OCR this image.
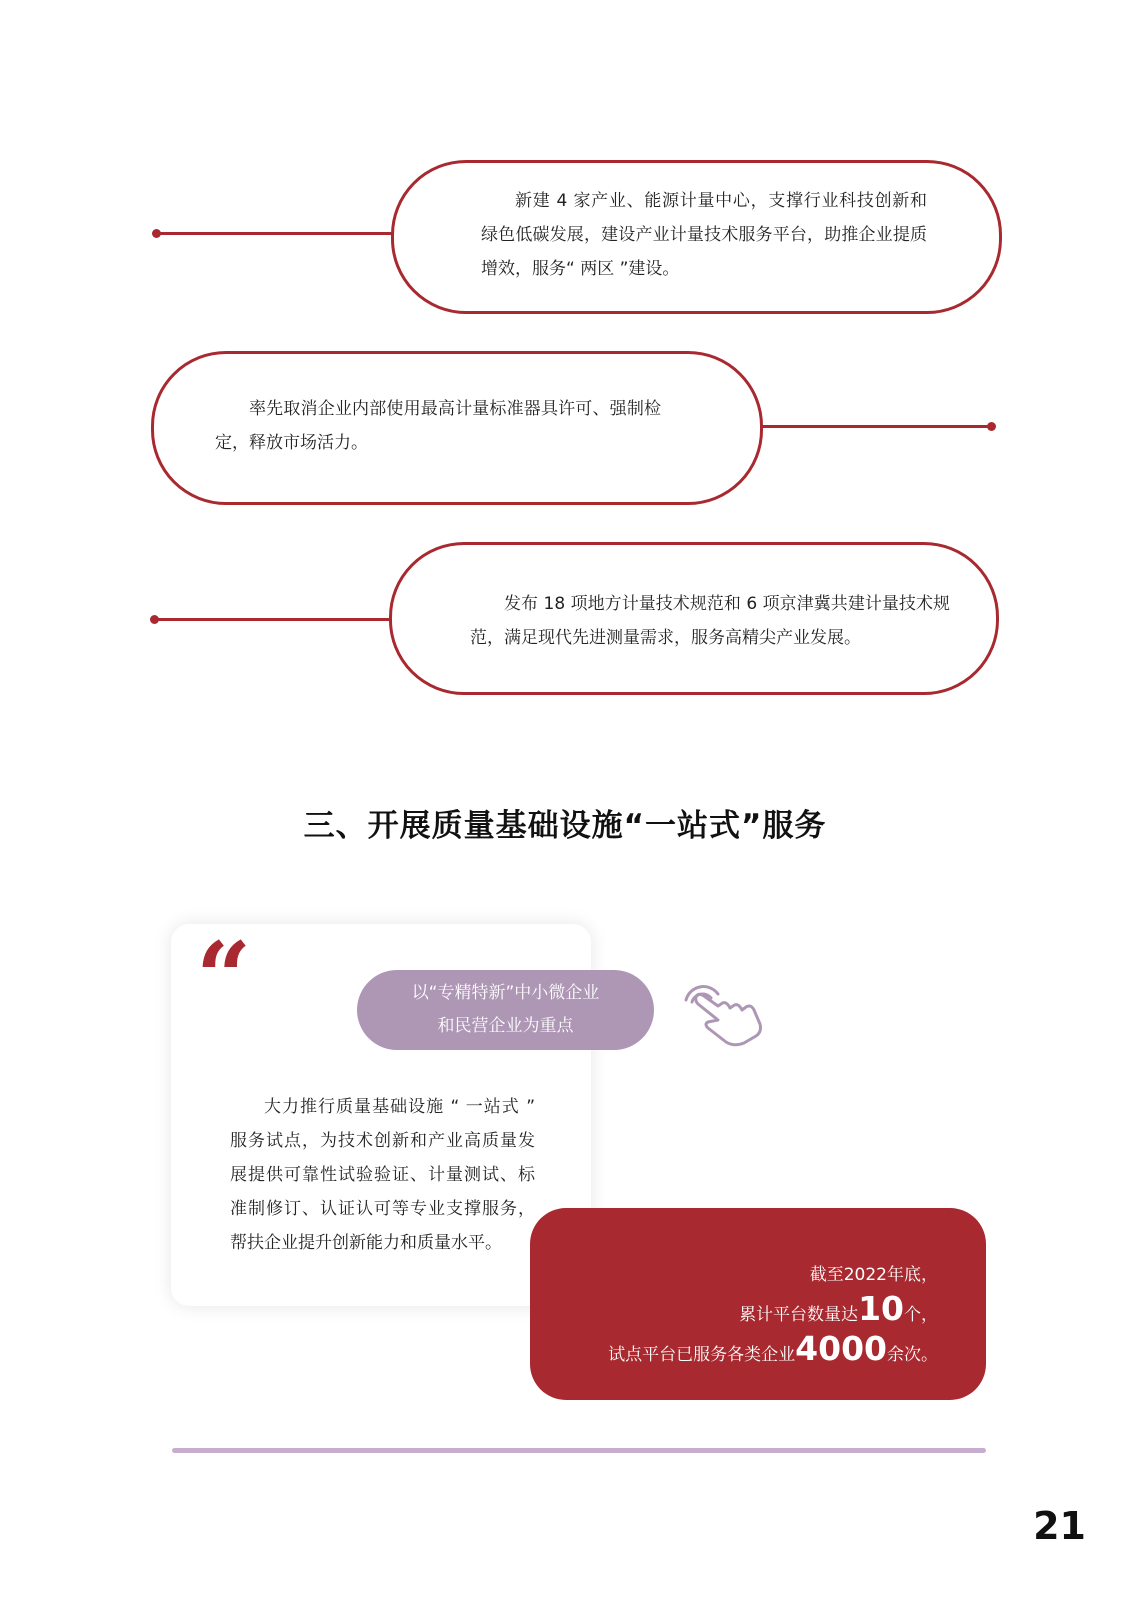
新建 4 家产业、能源计量中心，支撑行业科技创新和绿色低碳发展，建设产业计量技术服务平台，助推企业提质增效，服务“ 两区 ”建设。

率先取消企业内部使用最高计量标准器具许可、强制检定，释放市场活力。

发布 18 项地方计量技术规范和 6 项京津冀共建计量技术规范，满足现代先进测量需求，服务高精尖产业发展。

三、开展质量基础设施“一站式”服务
“

大力推行质量基础设施 “ 一站式 ” 服务试点，为技术创新和产业高质量发展提供可靠性试验验证、计量测试、标准制修订、认证认可等专业支撑服务，帮扶企业提升创新能力和质量水平。

截至2022年底，
累计平台数量达10个，
试点平台已服务各类企业4000余次。
以“专精特新”中小微企业
和民营企业为重点
21
